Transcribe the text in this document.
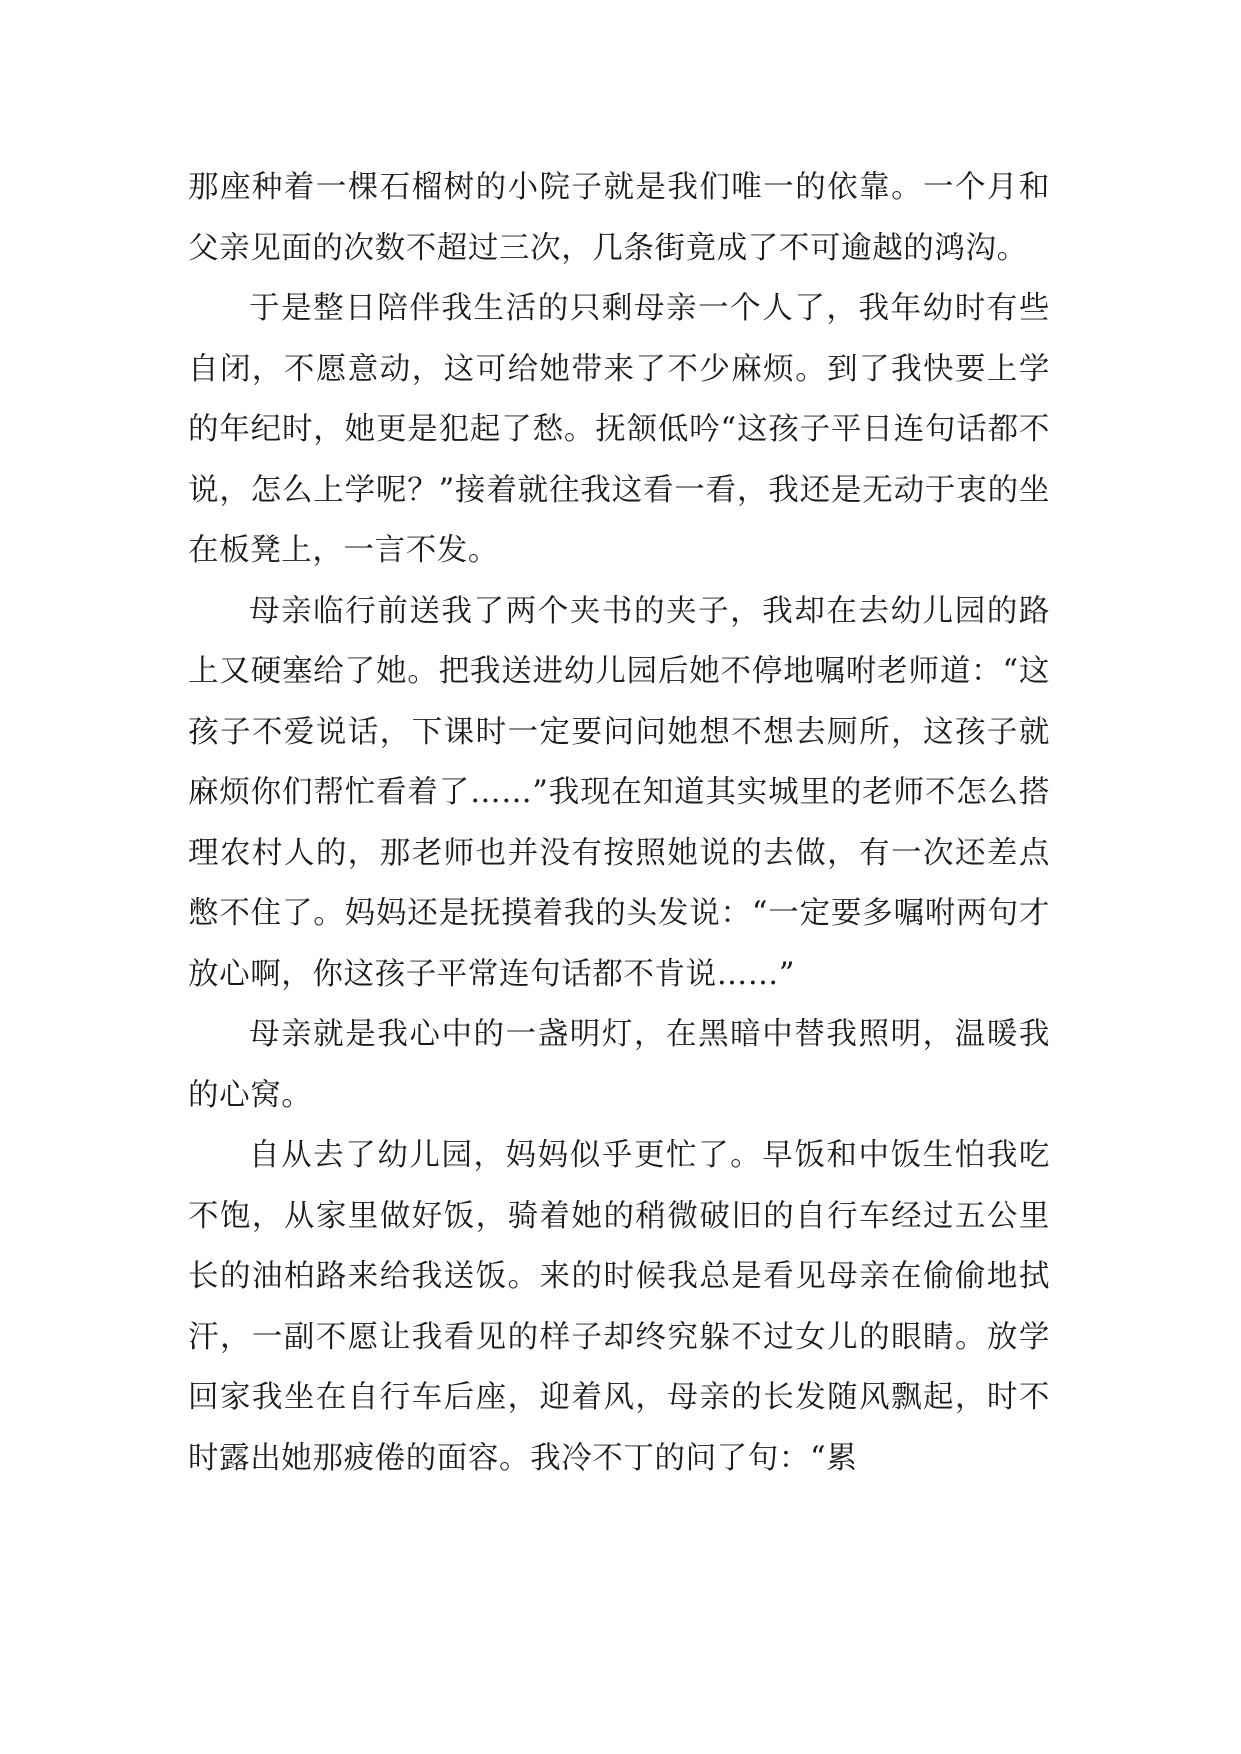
那座种着一棵石榴树的小院子就是我们唯一的依靠。一个月和父亲见面的次数不超过三次，几条街竟成了不可逾越的鸿沟。

于是整日陪伴我生活的只剩母亲一个人了，我年幼时有些自闭，不愿意动，这可给她带来了不少麻烦。到了我快要上学的年纪时，她更是犯起了愁。抚颔低吟“这孩子平日连句话都不说，怎么上学呢？”接着就往我这看一看，我还是无动于衷的坐在板凳上，一言不发。

母亲临行前送我了两个夹书的夹子，我却在去幼儿园的路上又硬塞给了她。把我送进幼儿园后她不停地嘱咐老师道：“这孩子不爱说话，下课时一定要问问她想不想去厕所，这孩子就麻烦你们帮忙看着了……”我现在知道其实城里的老师不怎么搭理农村人的，那老师也并没有按照她说的去做，有一次还差点憋不住了。妈妈还是抚摸着我的头发说：“一定要多嘱咐两句才放心啊，你这孩子平常连句话都不肯说……”

母亲就是我心中的一盏明灯，在黑暗中替我照明，温暖我的心窝。

自从去了幼儿园，妈妈似乎更忙了。早饭和中饭生怕我吃不饱，从家里做好饭，骑着她的稍微破旧的自行车经过五公里长的油柏路来给我送饭。来的时候我总是看见母亲在偷偷地拭汗，一副不愿让我看见的样子却终究躲不过女儿的眼睛。放学回家我坐在自行车后座，迎着风，母亲的长发随风飘起，时不时露出她那疲倦的面容。我冷不丁的问了句：“累
